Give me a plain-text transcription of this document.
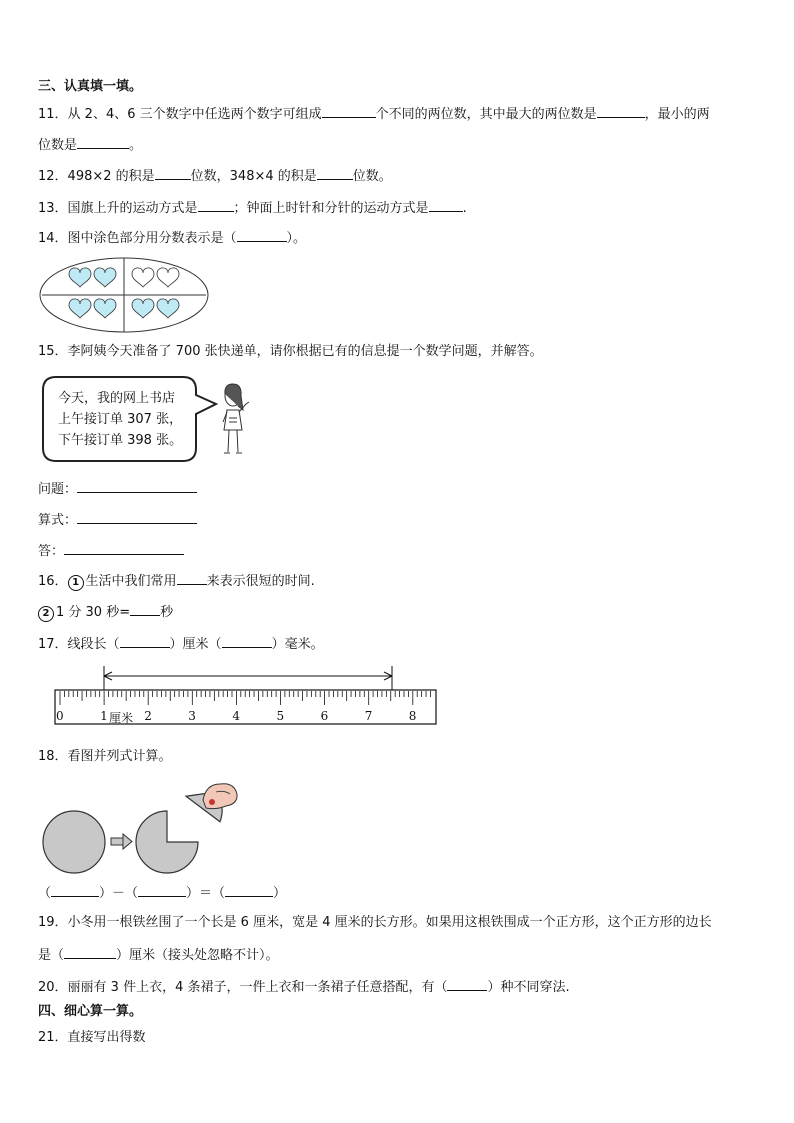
三、认真填一填。
11．从 2、4、6 三个数字中任选两个数字可组成	个不同的两位数，其中最大的两位数是	，最小的两
位数是	。
12．498×2 的积是	位数，348×4 的积是	位数。
13．国旗上升的运动方式是	；钟面上时针和分针的运动方式是	.
14．图中涂色部分用分数表示是（	）。
15．李阿姨今天准备了 700 张快递单，请你根据已有的信息提一个数学问题，并解答。
今天，我的网上书店
上午接订单 307 张，
下午接订单 398 张。
问题：
算式：
答：
16． 1 生活中我们常用 来表示很短的时间.
2 1 分 30 秒= 秒
17．线段长（	）厘米（	）毫米。
0	1	2	3	4	5	6	7	8
厘米
18．看图并列式计算。
（	）－（	）＝（	）
19．小冬用一根铁丝围了一个长是 6 厘米，宽是 4 厘米的长方形。如果用这根铁围成一个正方形，这个正方形的边长
是（	）厘米（接头处忽略不计）。
20．丽丽有 3 件上衣，4 条裙子，一件上衣和一条裙子任意搭配，有（	）种不同穿法.
四、细心算一算。
21．直接写出得数
